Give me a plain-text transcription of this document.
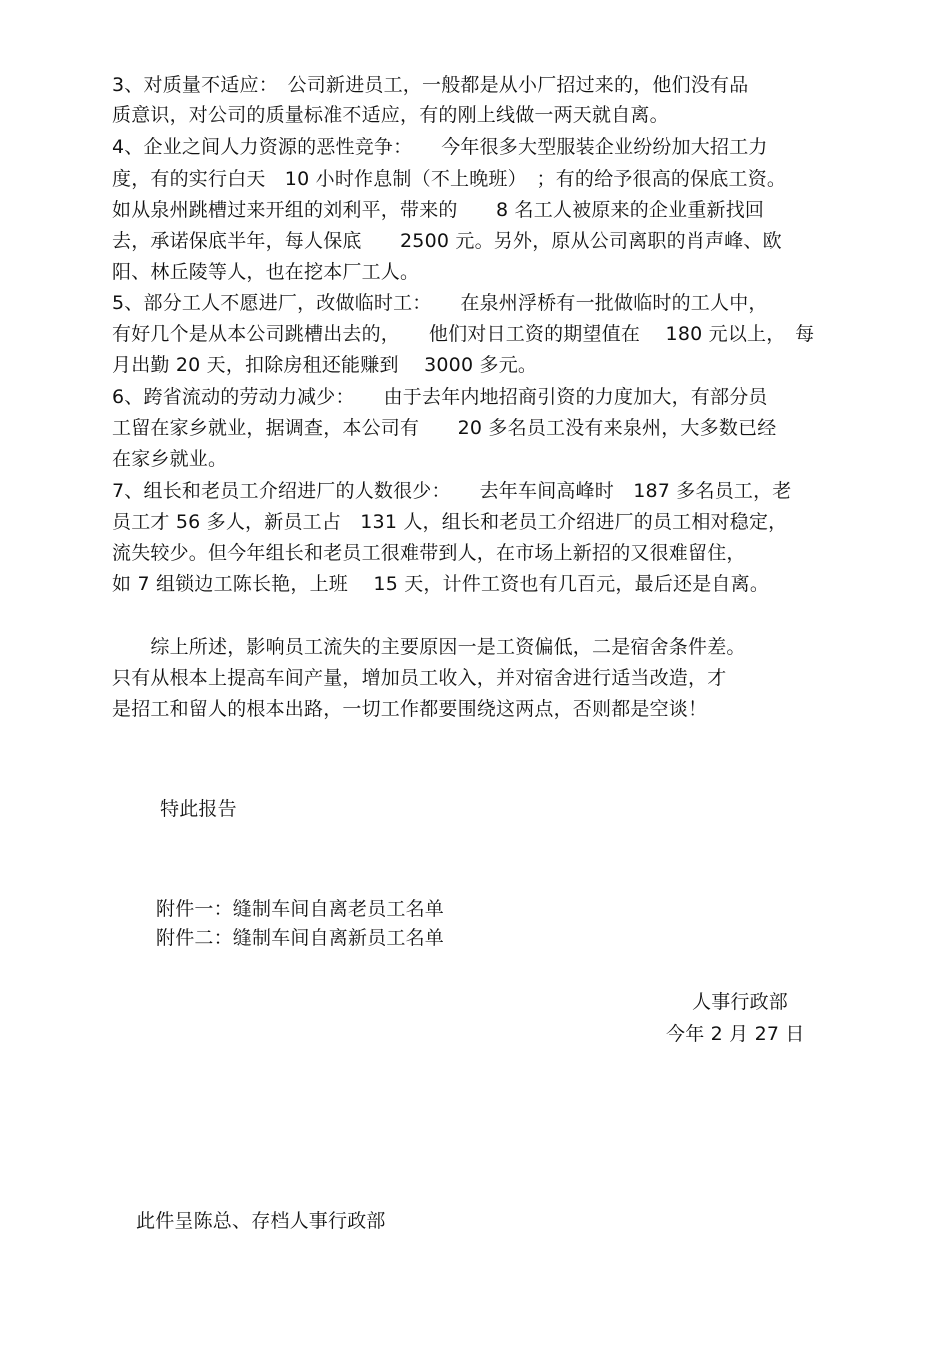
3、对质量不适应：　公司新进员工，一般都是从小厂招过来的，他们没有品
质意识，对公司的质量标准不适应，有的刚上线做一两天就自离。
4、企业之间人力资源的恶性竞争：　　今年很多大型服装企业纷纷加大招工力
度，有的实行白天　10 小时作息制（不上晚班）　；有的给予很高的保底工资。
如从泉州跳槽过来开组的刘利平，带来的　　8 名工人被原来的企业重新找回
去，承诺保底半年，每人保底　　2500 元。另外，原从公司离职的肖声峰、欧
阳、林丘陵等人，也在挖本厂工人。
5、部分工人不愿进厂，改做临时工：　　在泉州浮桥有一批做临时的工人中，
有好几个是从本公司跳槽出去的，　　他们对日工资的期望值在　 180 元以上，　每
月出勤 20 天，扣除房租还能赚到　 3000 多元。
6、跨省流动的劳动力减少：　　由于去年内地招商引资的力度加大，有部分员
工留在家乡就业，据调查，本公司有　　20 多名员工没有来泉州，大多数已经
在家乡就业。
7、组长和老员工介绍进厂的人数很少：　　去年车间高峰时　187 多名员工，老
员工才 56 多人，新员工占　131 人，组长和老员工介绍进厂的员工相对稳定，
流失较少。但今年组长和老员工很难带到人，在市场上新招的又很难留住，
如 7 组锁边工陈长艳，上班　 15 天，计件工资也有几百元，最后还是自离。
　　综上所述，影响员工流失的主要原因一是工资偏低，二是宿舍条件差。
只有从根本上提高车间产量，增加员工收入，并对宿舍进行适当改造，才
是招工和留人的根本出路，一切工作都要围绕这两点，否则都是空谈！
特此报告
附件一：缝制车间自离老员工名单
附件二：缝制车间自离新员工名单
人事行政部
今年 2 月 27 日
此件呈陈总、存档人事行政部
